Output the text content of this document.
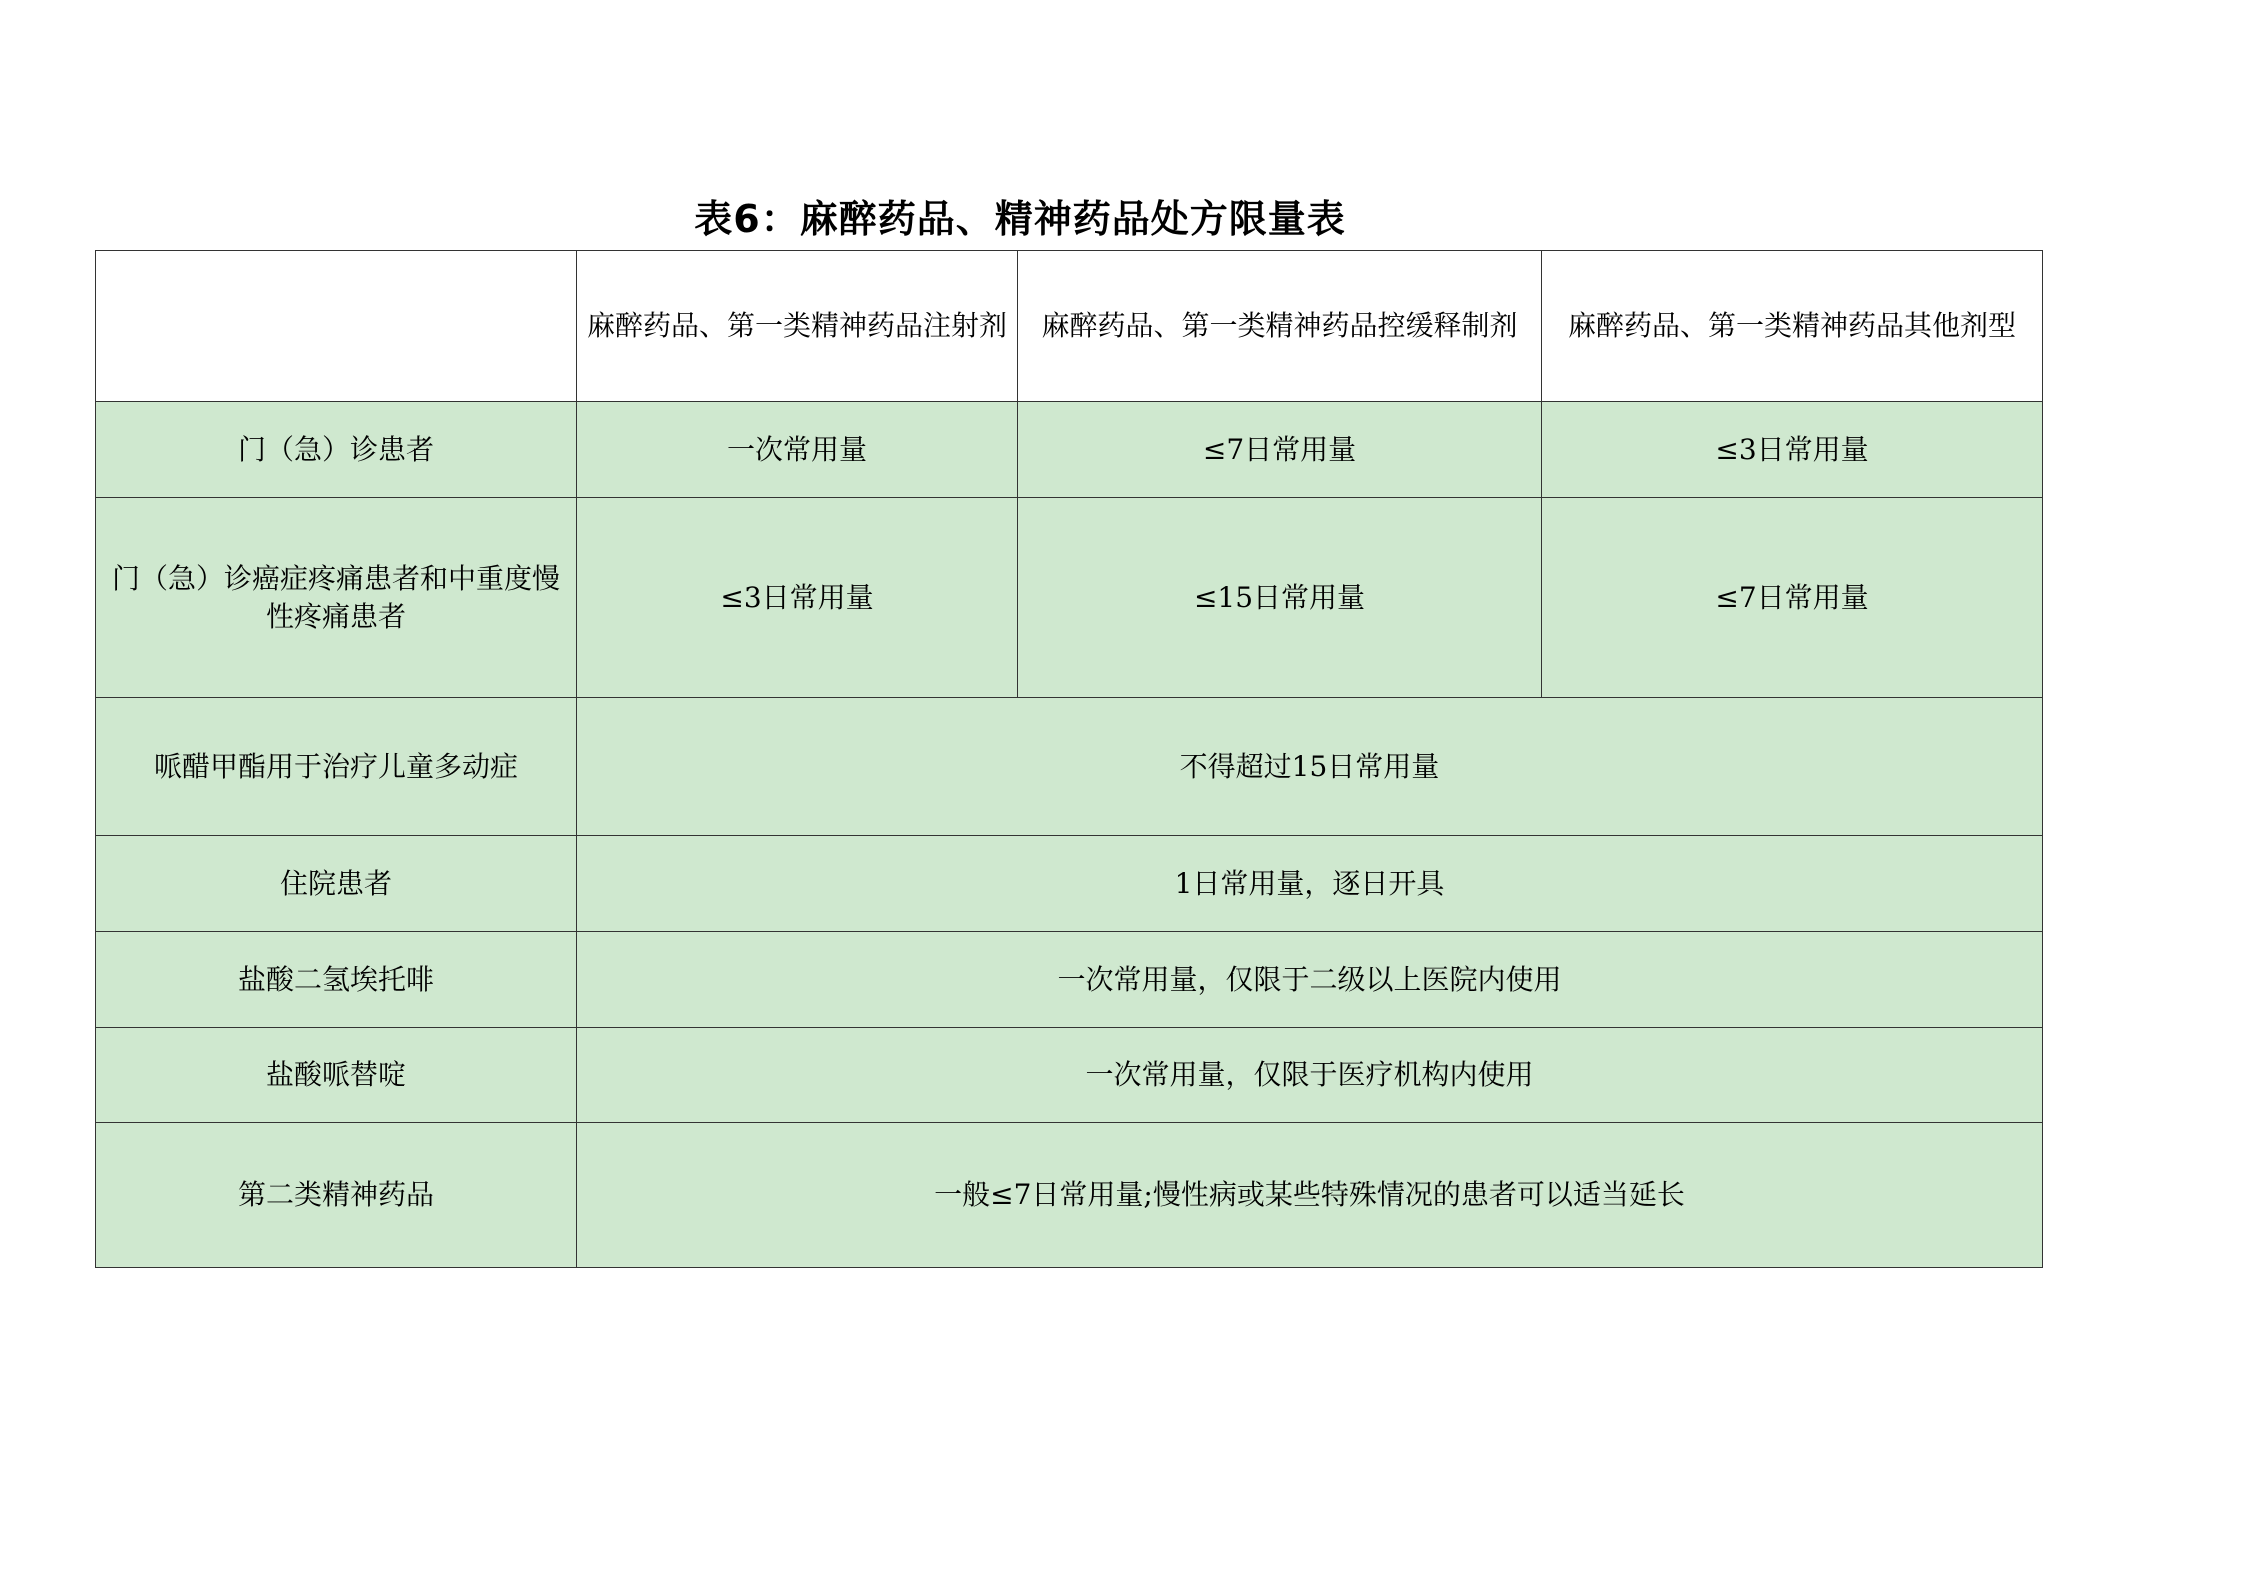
表6：麻醉药品、精神药品处方限量表
	麻醉药品、第一类精神药品注射剂	麻醉药品、第一类精神药品控缓释制剂	麻醉药品、第一类精神药品其他剂型
门（急）诊患者	一次常用量	≤7日常用量	≤3日常用量
门（急）诊癌症疼痛患者和中重度慢性疼痛患者	≤3日常用量	≤15日常用量	≤7日常用量
哌醋甲酯用于治疗儿童多动症	不得超过15日常用量		
住院患者	1日常用量，逐日开具		
盐酸二氢埃托啡	一次常用量，仅限于二级以上医院内使用		
盐酸哌替啶	一次常用量，仅限于医疗机构内使用		
第二类精神药品	一般≤7日常用量;慢性病或某些特殊情况的患者可以适当延长		
